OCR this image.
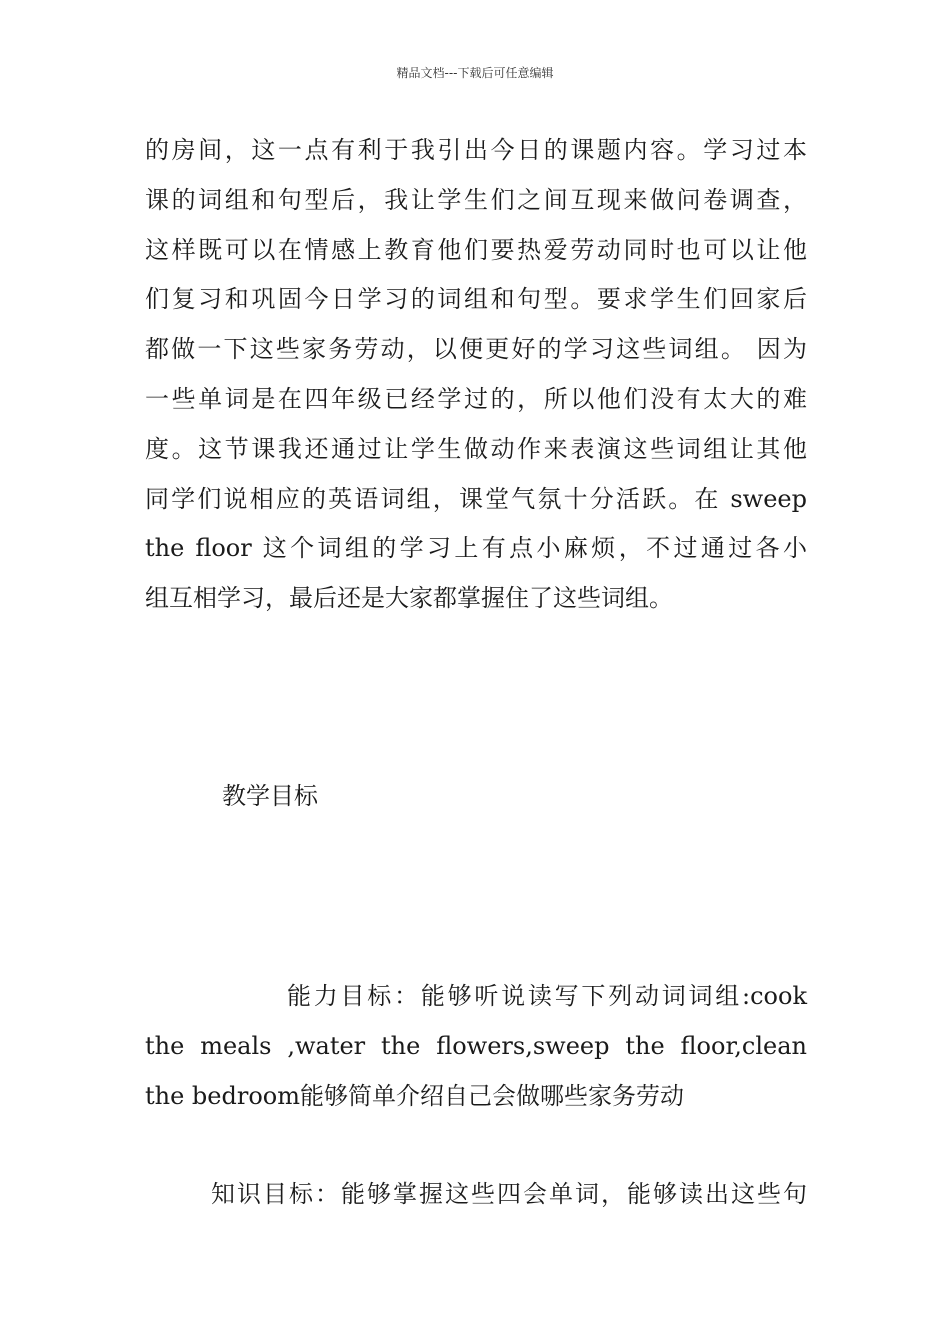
精品文档---下载后可任意编辑
的房间，这一点有利于我引出今日的课题内容。学习过本
课的词组和句型后，我让学生们之间互现来做问卷调查，
这样既可以在情感上教育他们要热爱劳动同时也可以让他
们复习和巩固今日学习的词组和句型。要求学生们回家后
都做一下这些家务劳动，以便更好的学习这些词组。 因为
一些单词是在四年级已经学过的，所以他们没有太大的难
度。这节课我还通过让学生做动作来表演这些词组让其他
同学们说相应的英语词组，课堂气氛十分活跃。在 sweep
the floor 这个词组的学习上有点小麻烦，不过通过各小
组互相学习，最后还是大家都掌握住了这些词组。
教学目标
能力目标：能够听说读写下列动词词组:cook
the meals ,water the flowers,sweep the floor,clean
the bedroom能够简单介绍自己会做哪些家务劳动
知识目标：能够掌握这些四会单词，能够读出这些句
